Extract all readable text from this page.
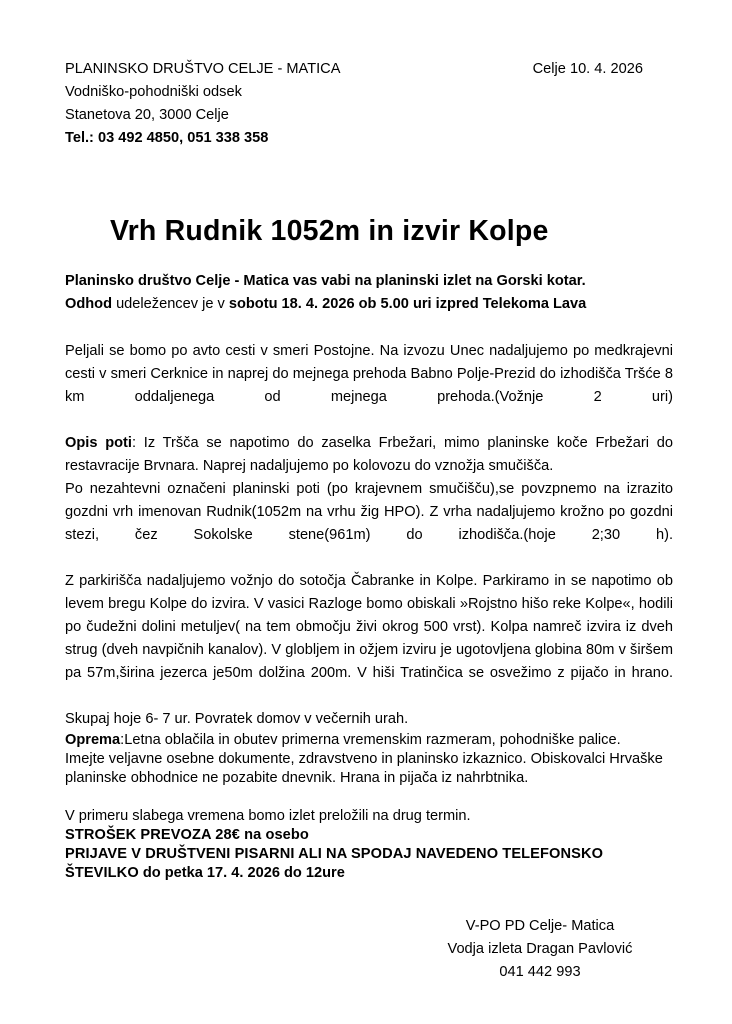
PLANINSKO DRUŠTVO CELJE - MATICA	Celje 10. 4. 2026
Vodniško-pohodniški odsek
Stanetova 20, 3000 Celje
Tel.: 03 492 4850, 051 338 358
Vrh Rudnik 1052m in izvir Kolpe
Planinsko društvo Celje - Matica vas vabi na planinski izlet na Gorski kotar.
Odhod udeležencev je v sobotu 18. 4. 2026 ob 5.00 uri izpred Telekoma Lava

Peljali se bomo po avto cesti v smeri Postojne. Na izvozu Unec nadaljujemo po medkrajevni cesti v smeri Cerknice in naprej do mejnega prehoda Babno Polje-Prezid do izhodišča Tršće 8 km oddaljenega od mejnega prehoda.(Vožnje 2 uri)

Opis poti: Iz Tršča se napotimo do zaselka Frbežari, mimo planinske koče Frbežari do restavracije Brvnara. Naprej nadaljujemo po kolovozu do vznožja smučišča.

Po nezahtevni označeni planinski poti (po krajevnem smučišču),se povzpnemo na izrazito gozdni vrh imenovan Rudnik(1052m na vrhu žig HPO). Z vrha nadaljujemo krožno po gozdni stezi, čez Sokolske stene(961m) do izhodišča.(hoje 2;30 h).

Z parkirišča nadaljujemo vožnjo do sotočja Čabranke in Kolpe. Parkiramo in se napotimo ob levem bregu Kolpe do izvira. V vasici Razloge bomo obiskali »Rojstno hišo reke Kolpe«, hodili po čudežni dolini metuljev( na tem območju živi okrog 500 vrst). Kolpa namreč izvira iz dveh strug (dveh navpičnih kanalov). V globljem in ožjem izviru je ugotovljena globina 80m v širšem pa 57m,širina jezerca je50m dolžina 200m. V hiši Tratinčica se osvežimo z pijačo in hrano.

Skupaj hoje 6- 7 ur. Povratek domov v večernih urah.

Oprema:Letna oblačila in obutev primerna vremenskim razmeram, pohodniške palice.
Imejte veljavne osebne dokumente, zdravstveno in planinsko izkaznico. Obiskovalci Hrvaške planinske obhodnice ne pozabite dnevnik. Hrana in pijača iz nahrbtnika.
V primeru slabega vremena bomo izlet preložili na drug termin.
STROŠEK PREVOZA 28€ na osebo
PRIJAVE V DRUŠTVENI PISARNI ALI NA SPODAJ NAVEDENO TELEFONSKO
ŠTEVILKO do petka 17. 4. 2026 do 12ure
V-PO PD Celje- Matica
Vodja izleta Dragan Pavlović
041 442 993
